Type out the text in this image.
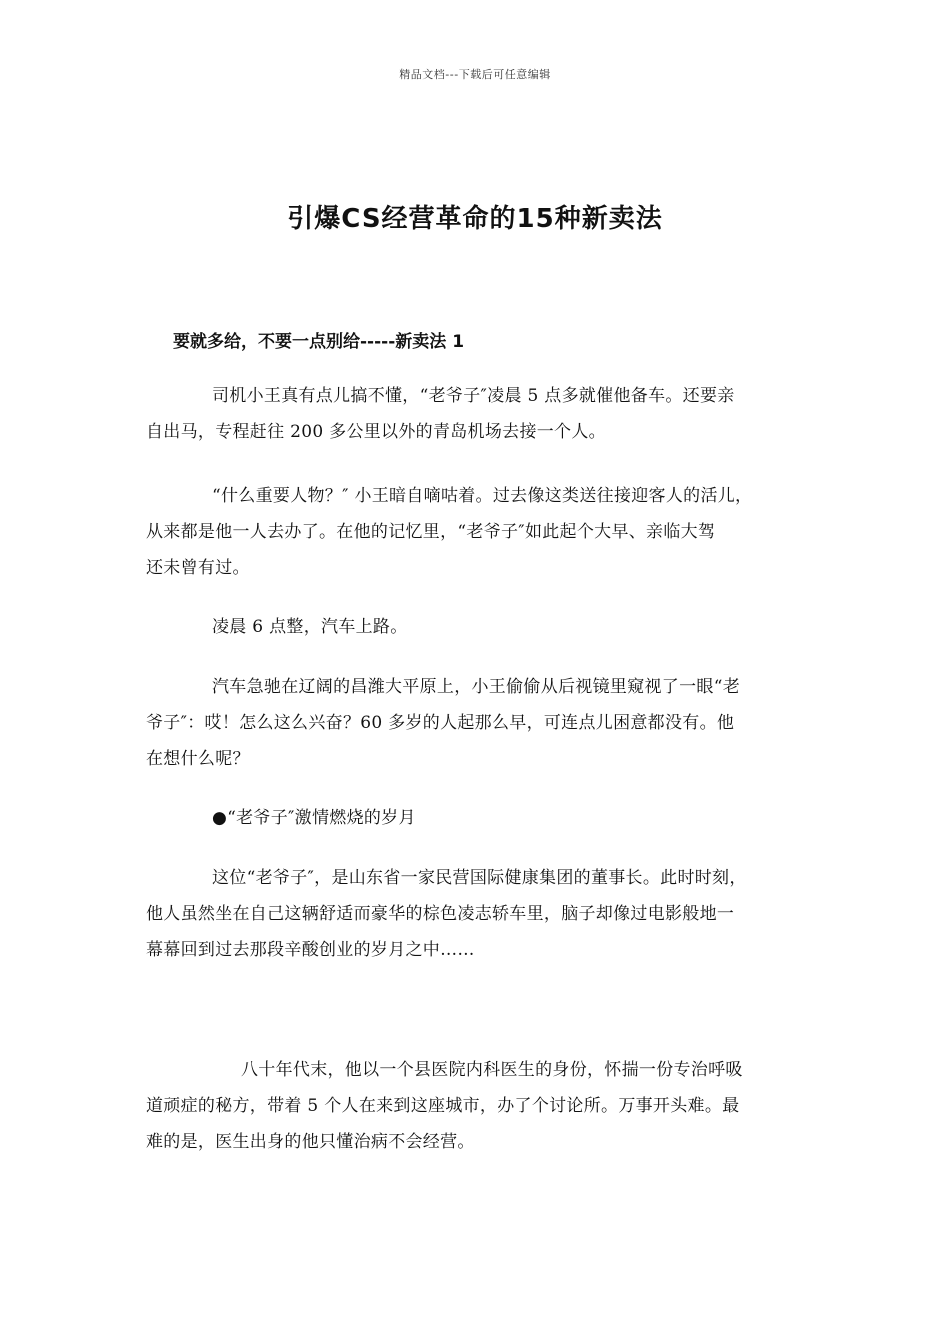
精品文档---下载后可任意编辑
引爆CS经营革命的15种新卖法
要就多给，不要一点别给-----新卖法 1
司机小王真有点儿搞不懂，“老爷子″凌晨 5 点多就催他备车。还要亲
自出马，专程赶往 200 多公里以外的青岛机场去接一个人。
“什么重要人物？″ 小王暗自嘀咕着。过去像这类送往接迎客人的活儿，
从来都是他一人去办了。在他的记忆里，“老爷子″如此起个大早、亲临大驾
还未曾有过。
凌晨 6 点整，汽车上路。
汽车急驰在辽阔的昌潍大平原上，小王偷偷从后视镜里窥视了一眼“老
爷子″：哎！怎么这么兴奋？60 多岁的人起那么早，可连点儿困意都没有。他
在想什么呢？
●“老爷子″激情燃烧的岁月
这位“老爷子″，是山东省一家民营国际健康集团的董事长。此时时刻，
他人虽然坐在自己这辆舒适而豪华的棕色凌志轿车里，脑子却像过电影般地一
幕幕回到过去那段辛酸创业的岁月之中……
八十年代末，他以一个县医院内科医生的身份，怀揣一份专治呼吸
道顽症的秘方，带着 5 个人在来到这座城市，办了个讨论所。万事开头难。最
难的是，医生出身的他只懂治病不会经营。
